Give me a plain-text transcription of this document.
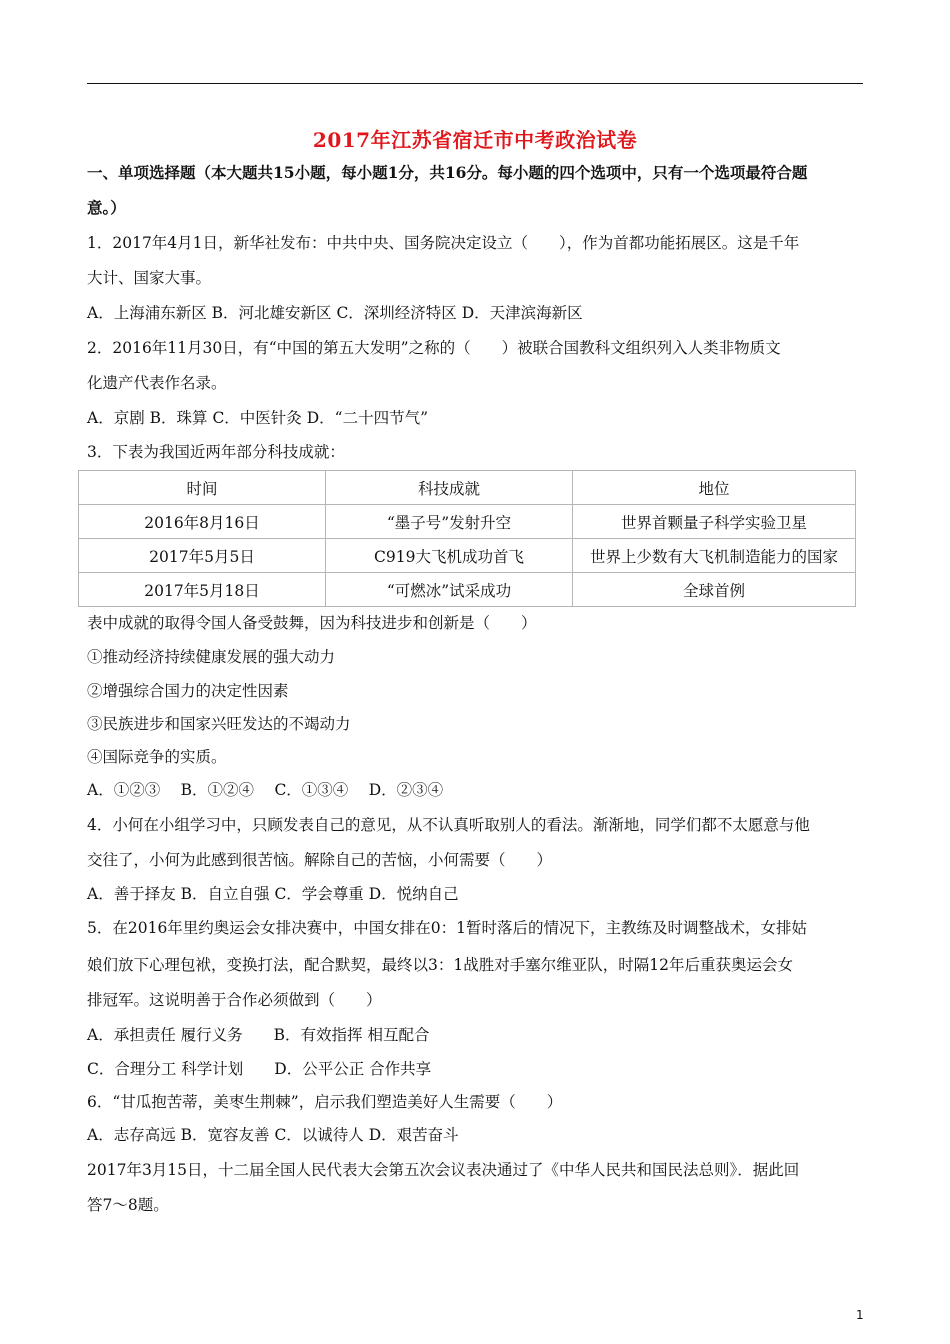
2017年江苏省宿迁市中考政治试卷
一、单项选择题（本大题共15小题，每小题1分，共16分。每小题的四个选项中，只有一个选项最符合题
意。）
1．2017年4月1日，新华社发布：中共中央、国务院决定设立（　　），作为首都功能拓展区。这是千年
大计、国家大事。
A．上海浦东新区 B．河北雄安新区 C．深圳经济特区 D．天津滨海新区
2．2016年11月30日，有“中国的第五大发明”之称的（　　）被联合国教科文组织列入人类非物质文
化遗产代表作名录。
A．京剧 B．珠算 C．中医针灸 D．“二十四节气”
3．下表为我国近两年部分科技成就：
时间	科技成就	地位
2016年8月16日	“墨子号”发射升空	世界首颗量子科学实验卫星
2017年5月5日	C919大飞机成功首飞	世界上少数有大飞机制造能力的国家
2017年5月18日	“可燃冰”试采成功	全球首例
表中成就的取得令国人备受鼓舞，因为科技进步和创新是（　　）
①推动经济持续健康发展的强大动力
②增强综合国力的决定性因素
③民族进步和国家兴旺发达的不竭动力
④国际竞争的实质。
A．①②③　 B．①②④　 C．①③④　 D．②③④
4．小何在小组学习中，只顾发表自己的意见，从不认真听取别人的看法。渐渐地，同学们都不太愿意与他
交往了，小何为此感到很苦恼。解除自己的苦恼，小何需要（　　）
A．善于择友 B．自立自强 C．学会尊重 D．悦纳自己
5．在2016年里约奥运会女排决赛中，中国女排在0：1暂时落后的情况下，主教练及时调整战术，女排姑
娘们放下心理包袱，变换打法，配合默契，最终以3：1战胜对手塞尔维亚队，时隔12年后重获奥运会女
排冠军。这说明善于合作必须做到（　　）
A．承担责任 履行义务　　B．有效指挥 相互配合
C．合理分工 科学计划　　D．公平公正 合作共享
6．“甘瓜抱苦蒂，美枣生荆棘”，启示我们塑造美好人生需要（　　）
A．志存高远 B．宽容友善 C．以诚待人 D．艰苦奋斗
2017年3月15日，十二届全国人民代表大会第五次会议表决通过了《中华人民共和国民法总则》．据此回
答7～8题。
1
